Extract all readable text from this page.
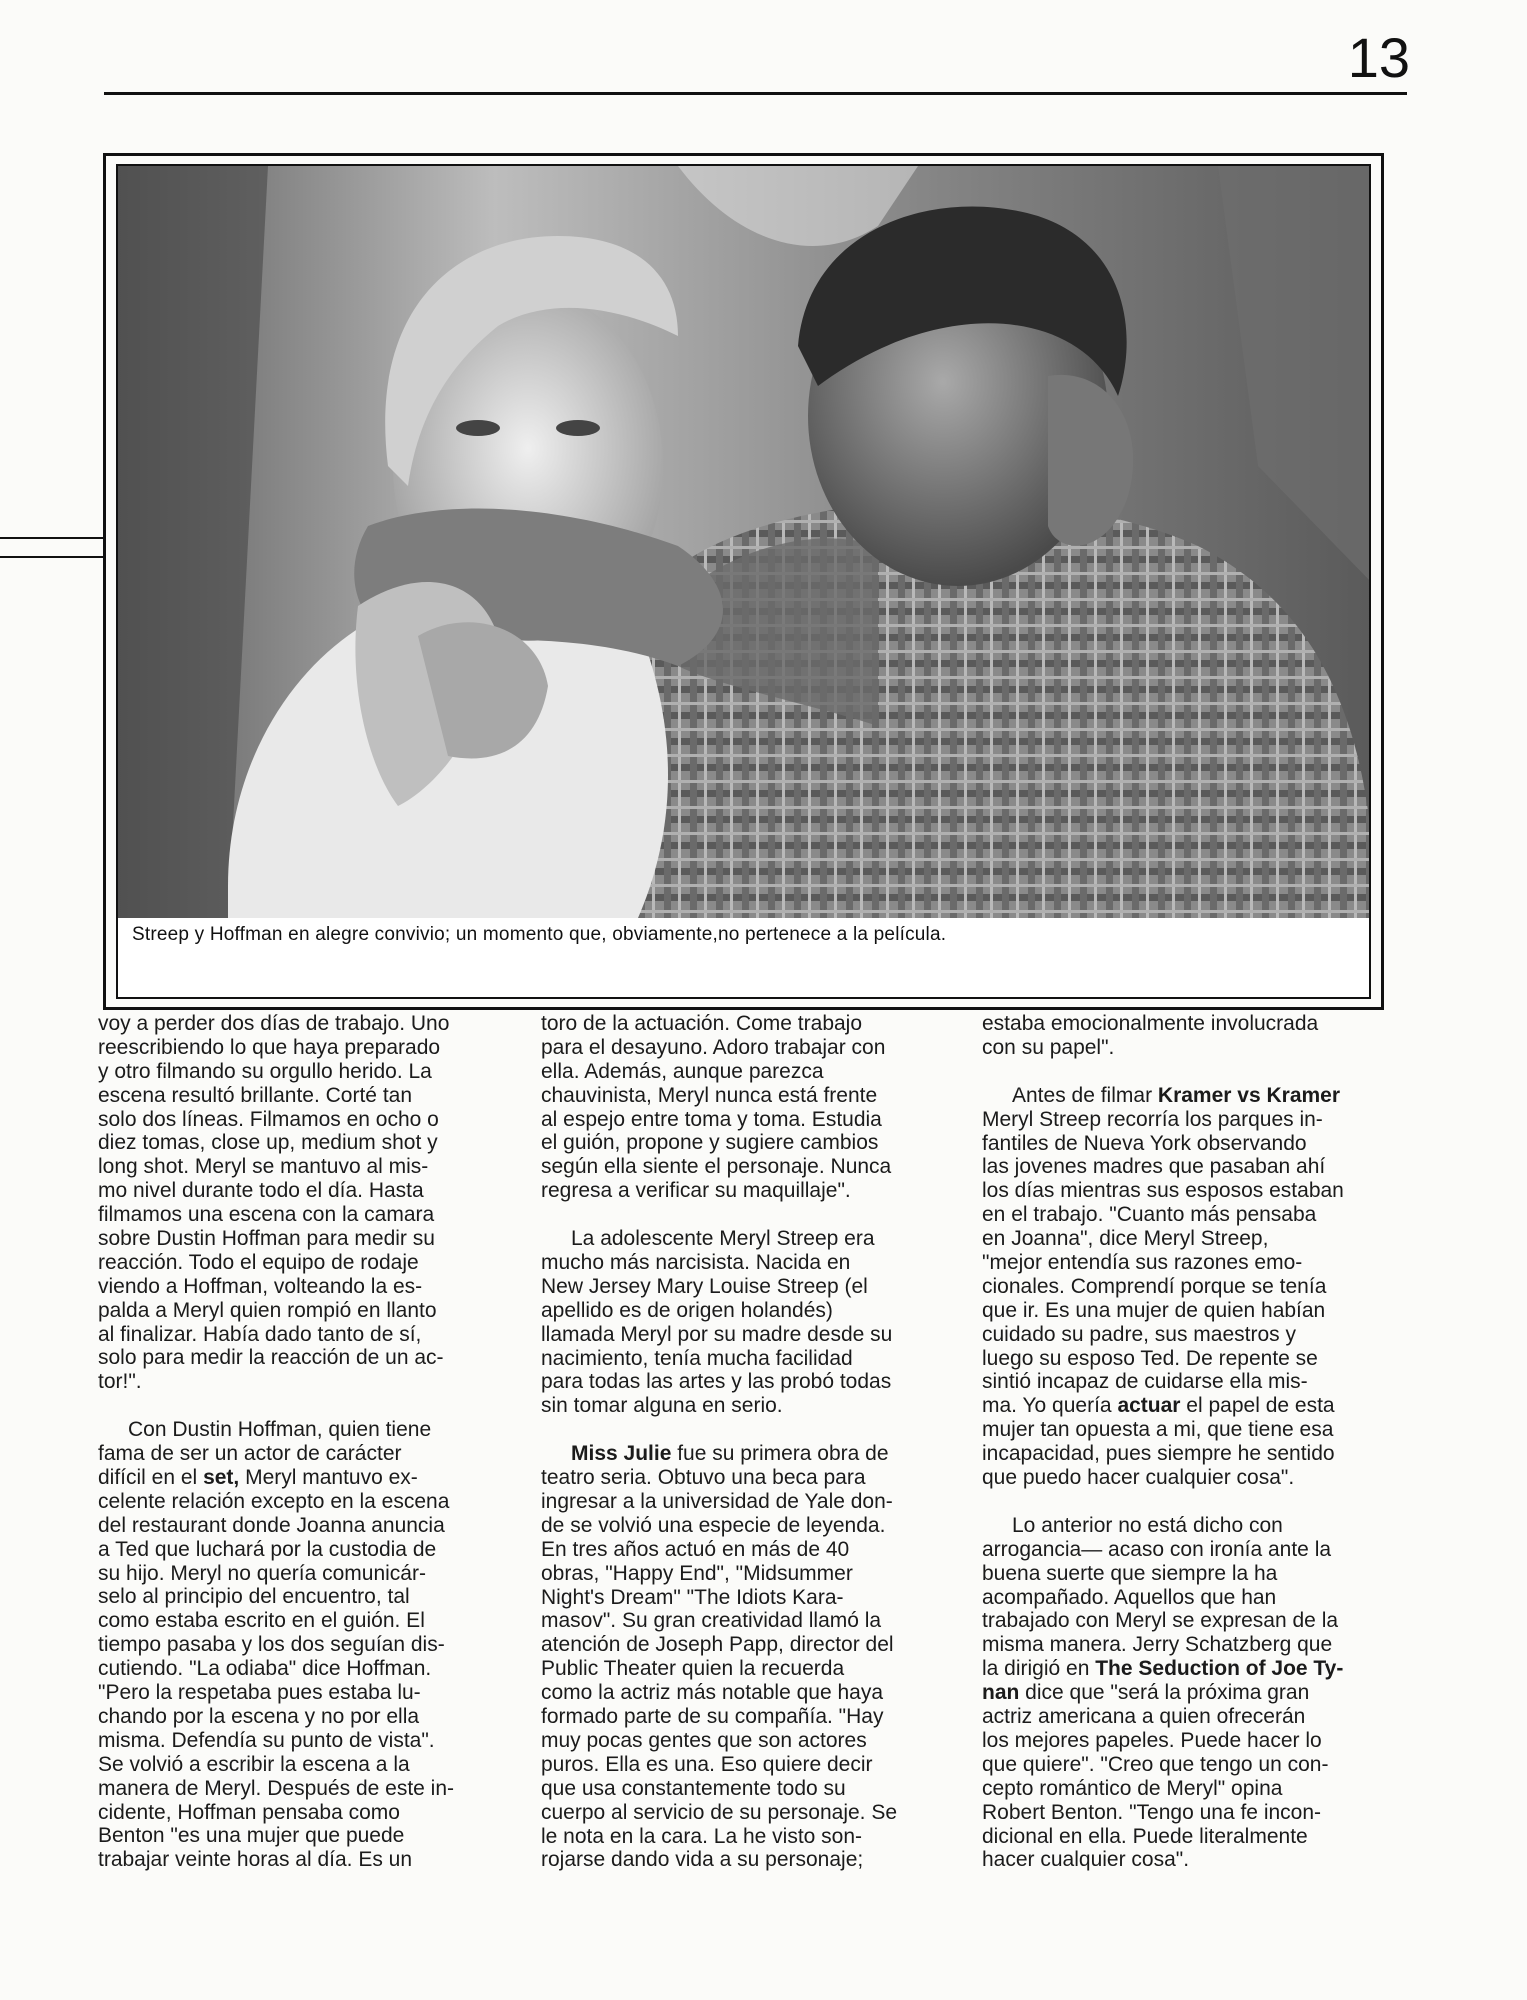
13
Streep y Hoffman en alegre convivio; un momento que, obviamente,no pertenece a la película.
voy a perder dos días de trabajo. Uno
reescribiendo lo que haya preparado
y otro filmando su orgullo herido. La
escena resultó brillante. Corté tan
solo dos líneas. Filmamos en ocho o
diez tomas, close up, medium shot y
long shot. Meryl se mantuvo al mis-
mo nivel durante todo el día. Hasta
filmamos una escena con la camara
sobre Dustin Hoffman para medir su
reacción. Todo el equipo de rodaje
viendo a Hoffman, volteando la es-
palda a Meryl quien rompió en llanto
al finalizar. Había dado tanto de sí,
solo para medir la reacción de un ac-
tor!".
Con Dustin Hoffman, quien tiene
fama de ser un actor de carácter
difícil en el set, Meryl mantuvo ex-
celente relación excepto en la escena
del restaurant donde Joanna anuncia
a Ted que luchará por la custodia de
su hijo. Meryl no quería comunicár-
selo al principio del encuentro, tal
como estaba escrito en el guión. El
tiempo pasaba y los dos seguían dis-
cutiendo. "La odiaba" dice Hoffman.
"Pero la respetaba pues estaba lu-
chando por la escena y no por ella
misma. Defendía su punto de vista".
Se volvió a escribir la escena a la
manera de Meryl. Después de este in-
cidente, Hoffman pensaba como
Benton "es una mujer que puede
trabajar veinte horas al día. Es un
toro de la actuación. Come trabajo
para el desayuno. Adoro trabajar con
ella. Además, aunque parezca
chauvinista, Meryl nunca está frente
al espejo entre toma y toma. Estudia
el guión, propone y sugiere cambios
según ella siente el personaje. Nunca
regresa a verificar su maquillaje".
La adolescente Meryl Streep era
mucho más narcisista. Nacida en
New Jersey Mary Louise Streep (el
apellido es de origen holandés)
llamada Meryl por su madre desde su
nacimiento, tenía mucha facilidad
para todas las artes y las probó todas
sin tomar alguna en serio.
Miss Julie fue su primera obra de
teatro seria. Obtuvo una beca para
ingresar a la universidad de Yale don-
de se volvió una especie de leyenda.
En tres años actuó en más de 40
obras, "Happy End", "Midsummer
Night's Dream" "The Idiots Kara-
masov". Su gran creatividad llamó la
atención de Joseph Papp, director del
Public Theater quien la recuerda
como la actriz más notable que haya
formado parte de su compañía. "Hay
muy pocas gentes que son actores
puros. Ella es una. Eso quiere decir
que usa constantemente todo su
cuerpo al servicio de su personaje. Se
le nota en la cara. La he visto son-
rojarse dando vida a su personaje;
estaba emocionalmente involucrada
con su papel".
Antes de filmar Kramer vs Kramer
Meryl Streep recorría los parques in-
fantiles de Nueva York observando
las jovenes madres que pasaban ahí
los días mientras sus esposos estaban
en el trabajo. "Cuanto más pensaba
en Joanna", dice Meryl Streep,
"mejor entendía sus razones emo-
cionales. Comprendí porque se tenía
que ir. Es una mujer de quien habían
cuidado su padre, sus maestros y
luego su esposo Ted. De repente se
sintió incapaz de cuidarse ella mis-
ma. Yo quería actuar el papel de esta
mujer tan opuesta a mi, que tiene esa
incapacidad, pues siempre he sentido
que puedo hacer cualquier cosa".
Lo anterior no está dicho con
arrogancia— acaso con ironía ante la
buena suerte que siempre la ha
acompañado. Aquellos que han
trabajado con Meryl se expresan de la
misma manera. Jerry Schatzberg que
la dirigió en The Seduction of Joe Ty-
nan dice que "será la próxima gran
actriz americana a quien ofrecerán
los mejores papeles. Puede hacer lo
que quiere". "Creo que tengo un con-
cepto romántico de Meryl" opina
Robert Benton. "Tengo una fe incon-
dicional en ella. Puede literalmente
hacer cualquier cosa".
